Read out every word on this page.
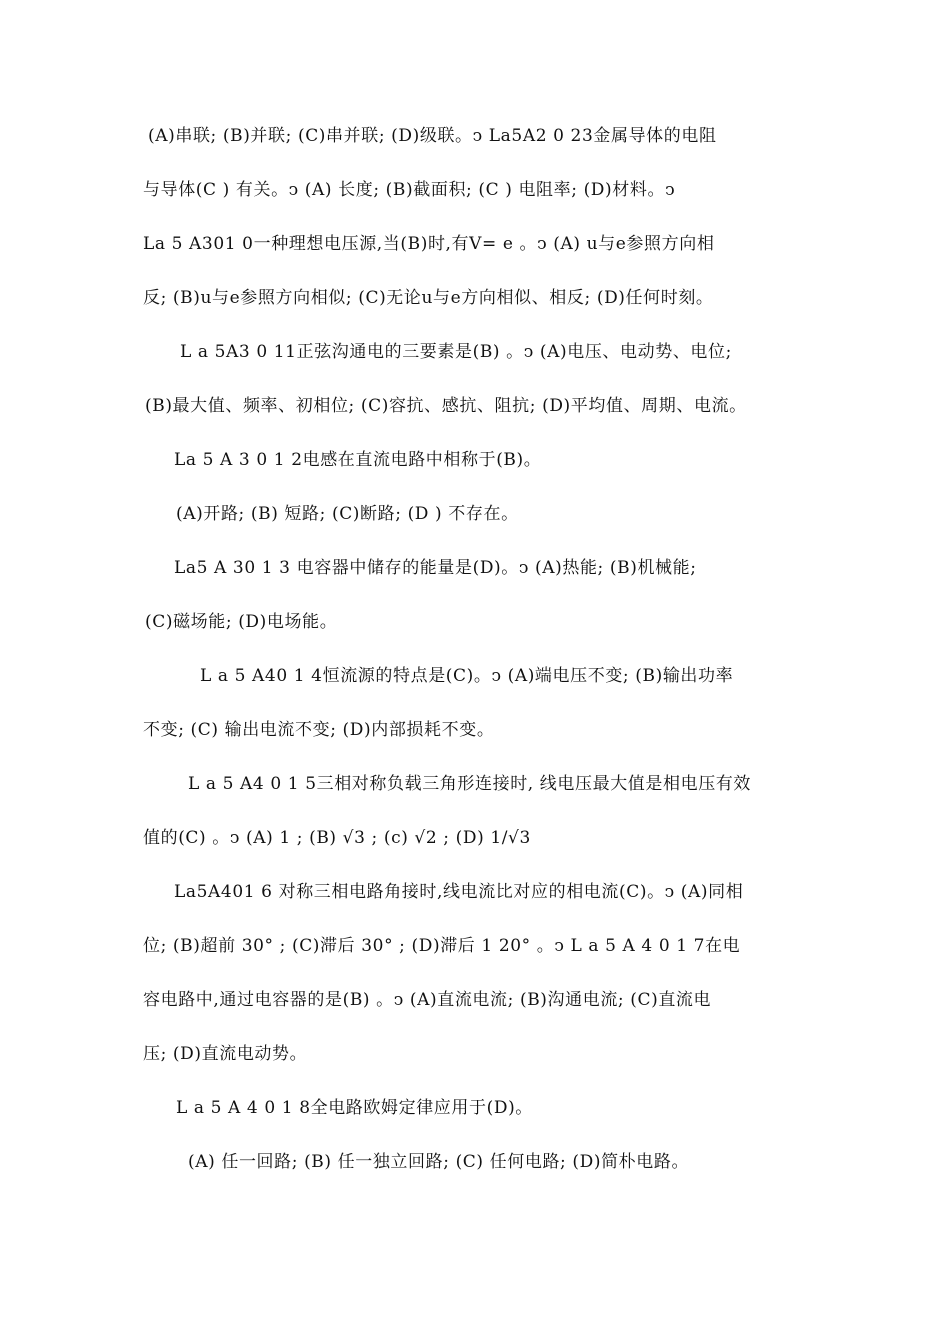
(A)串联; (B)并联; (C)串并联; (D)级联。ↄ La5A2 0 23金属导体的电阻
与导体(C ) 有关。ↄ (A) 长度; (B)截面积; (C ) 电阻率; (D)材料。ↄ
La 5 A301 0一种理想电压源,当(B)时,有V= e 。ↄ (A) u与e参照方向相
反; (B)u与e参照方向相似; (C)无论u与e方向相似、相反; (D)任何时刻。
L a 5A3 0 11正弦沟通电的三要素是(B) 。ↄ (A)电压、电动势、电位;
(B)最大值、频率、初相位; (C)容抗、感抗、阻抗; (D)平均值、周期、电流。
La 5 A 3 0 1 2电感在直流电路中相称于(B)。
(A)开路; (B) 短路; (C)断路; (D ) 不存在。
La5 A 30 1 3 电容器中储存的能量是(D)。ↄ (A)热能; (B)机械能;
(C)磁场能; (D)电场能。
L a 5 A40 1 4恒流源的特点是(C)。ↄ (A)端电压不变; (B)输出功率
不变; (C) 输出电流不变; (D)内部损耗不变。
L a 5 A4 0 1 5三相对称负载三角形连接时, 线电压最大值是相电压有效
值的(C) 。ↄ (A) 1 ; (B) √3 ; (c) √2 ; (D) 1/√3
La5A401 6 对称三相电路角接时,线电流比对应的相电流(C)。ↄ (A)同相
位; (B)超前 30° ; (C)滞后 30° ; (D)滞后 1 20° 。ↄ L a 5 A 4 0 1 7在电
容电路中,通过电容器的是(B) 。ↄ (A)直流电流; (B)沟通电流; (C)直流电
压; (D)直流电动势。
L a 5 A 4 0 1 8全电路欧姆定律应用于(D)。
(A) 任一回路; (B) 任一独立回路; (C) 任何电路; (D)简朴电路。
